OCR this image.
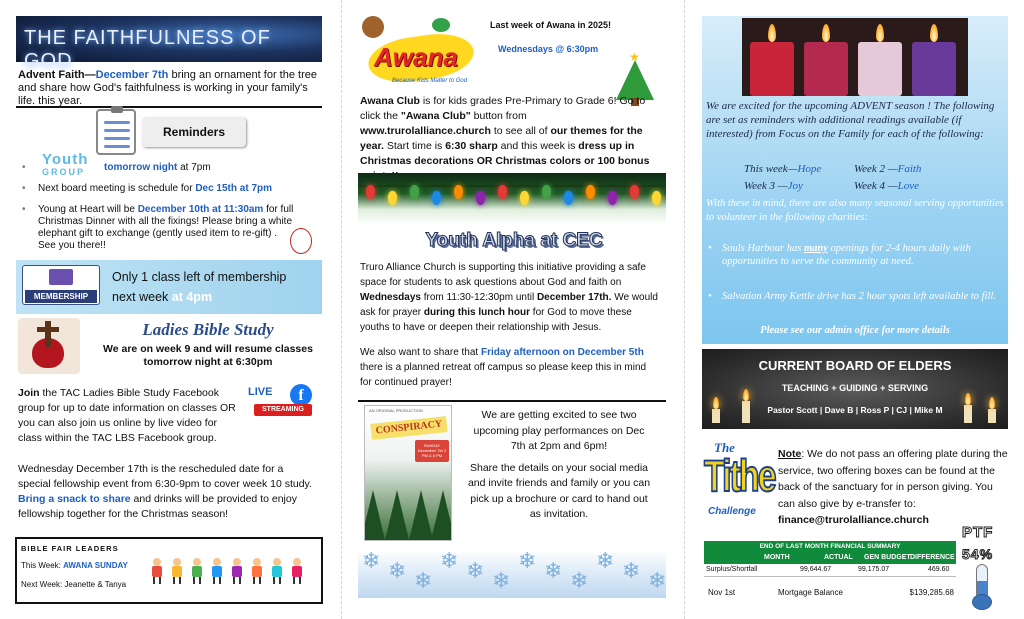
THE FAITHFULNESS OF GOD
Advent Faith—December 7th bring an ornament for the tree and share how God's faithfulness is working in your family's life. this year.
Reminders
• Youth
GROUP	tomorrow night at 7pm
• Next board meeting is schedule for Dec 15th at 7pm
• Young at Heart will be December 10th at 11:30am for full Christmas Dinner with all the fixings! Please bring a white elephant gift to exchange (gently used item to re-gift) . See you there!!
MEMBERSHIP
Only 1 class left of membership
next week at 4pm
Ladies Bible Study
We are on week 9 and will resume classes tomorrow night at 6:30pm
Join the TAC Ladies Bible Study Facebook group for up to date information on classes OR you can also join us online by live video for class within the TAC LBS Facebook group.
LIVE	f
STREAMING
Wednesday December 17th is the rescheduled date for a special fellowship event from 6:30-9pm to cover week 10 study. Bring a snack to share and drinks will be provided to enjoy fellowship together for the Christmas season!
BIBLE FAIR LEADERS
This Week: AWANA SUNDAY
Next Week: Jeanette & Tanya
Awana
Because Kids Matter to God
Last week of Awana in 2025!
Wednesdays @ 6:30pm
★
Awana Club is for kids grades Pre-Primary to Grade 6! Go to click the "Awana Club" button from www.trurolalliance.church to see all of our themes for the year. Start time is 6:30 sharp and this week is dress up in Christmas decorations OR Christmas colors or 100 bonus
Youth Alpha at CEC
Truro Alliance Church is supporting this initiative providing a safe space for students to ask questions about God and faith on Wednesdays from 11:30-12:30pm until December 17th. We would ask for prayer during this lunch hour for God to move these youths to have or deepen their relationship with Jesus.
We also want to share that Friday afternoon on December 5th there is a planned retreat off campus so please keep this in mind for continued prayer!
AN ORIGINAL PRODUCTION
CONSPIRACY
SUNDAY December 7th 2 PM & 6 PM

We are getting excited to see two upcoming play performances on Dec 7th at 2pm and 6pm!

Share the details on your social media and invite friends and family or you can pick up a brochure or card to hand out as invitation.

❄ ❄ ❄
❄ ❄ ❄
❄ ❄ ❄
❄ ❄ ❄
We are excited for the upcoming ADVENT season ! The following are set as reminders with additional readings available (if interested) from Focus on the Family for each of the following:
This week—Hope	Week 2 —Faith
Week 3 —Joy	Week 4 —Love
With these in mind, there are also many seasonal serving opportunities to volunteer in the following charities:
• Souls Harbour has many openings for 2-4 hours daily with opportunities to serve the community at need.
• Salvation Army Kettle drive has 2 hour spots left available to fill.
Please see our admin office for more details
CURRENT BOARD OF ELDERS
TEACHING + GUIDING + SERVING
Pastor Scott | Dave B | Ross P | CJ | Mike M
The
Tithe
Challenge
Note: We do not pass an offering plate during the service, two offering boxes can be found at the back of the sanctuary for in person giving. You can also give by e-transfer to: finance@trurolalliance.church
PTF
54%
END OF LAST MONTH FINANCIAL SUMMARY
MONTH	ACTUAL GEN BUDGET DIFFERENCE
Surplus/Shortfall	99,644.67	99,175.07	469.60
Nov 1st	Mortgage Balance	$139,285.68
